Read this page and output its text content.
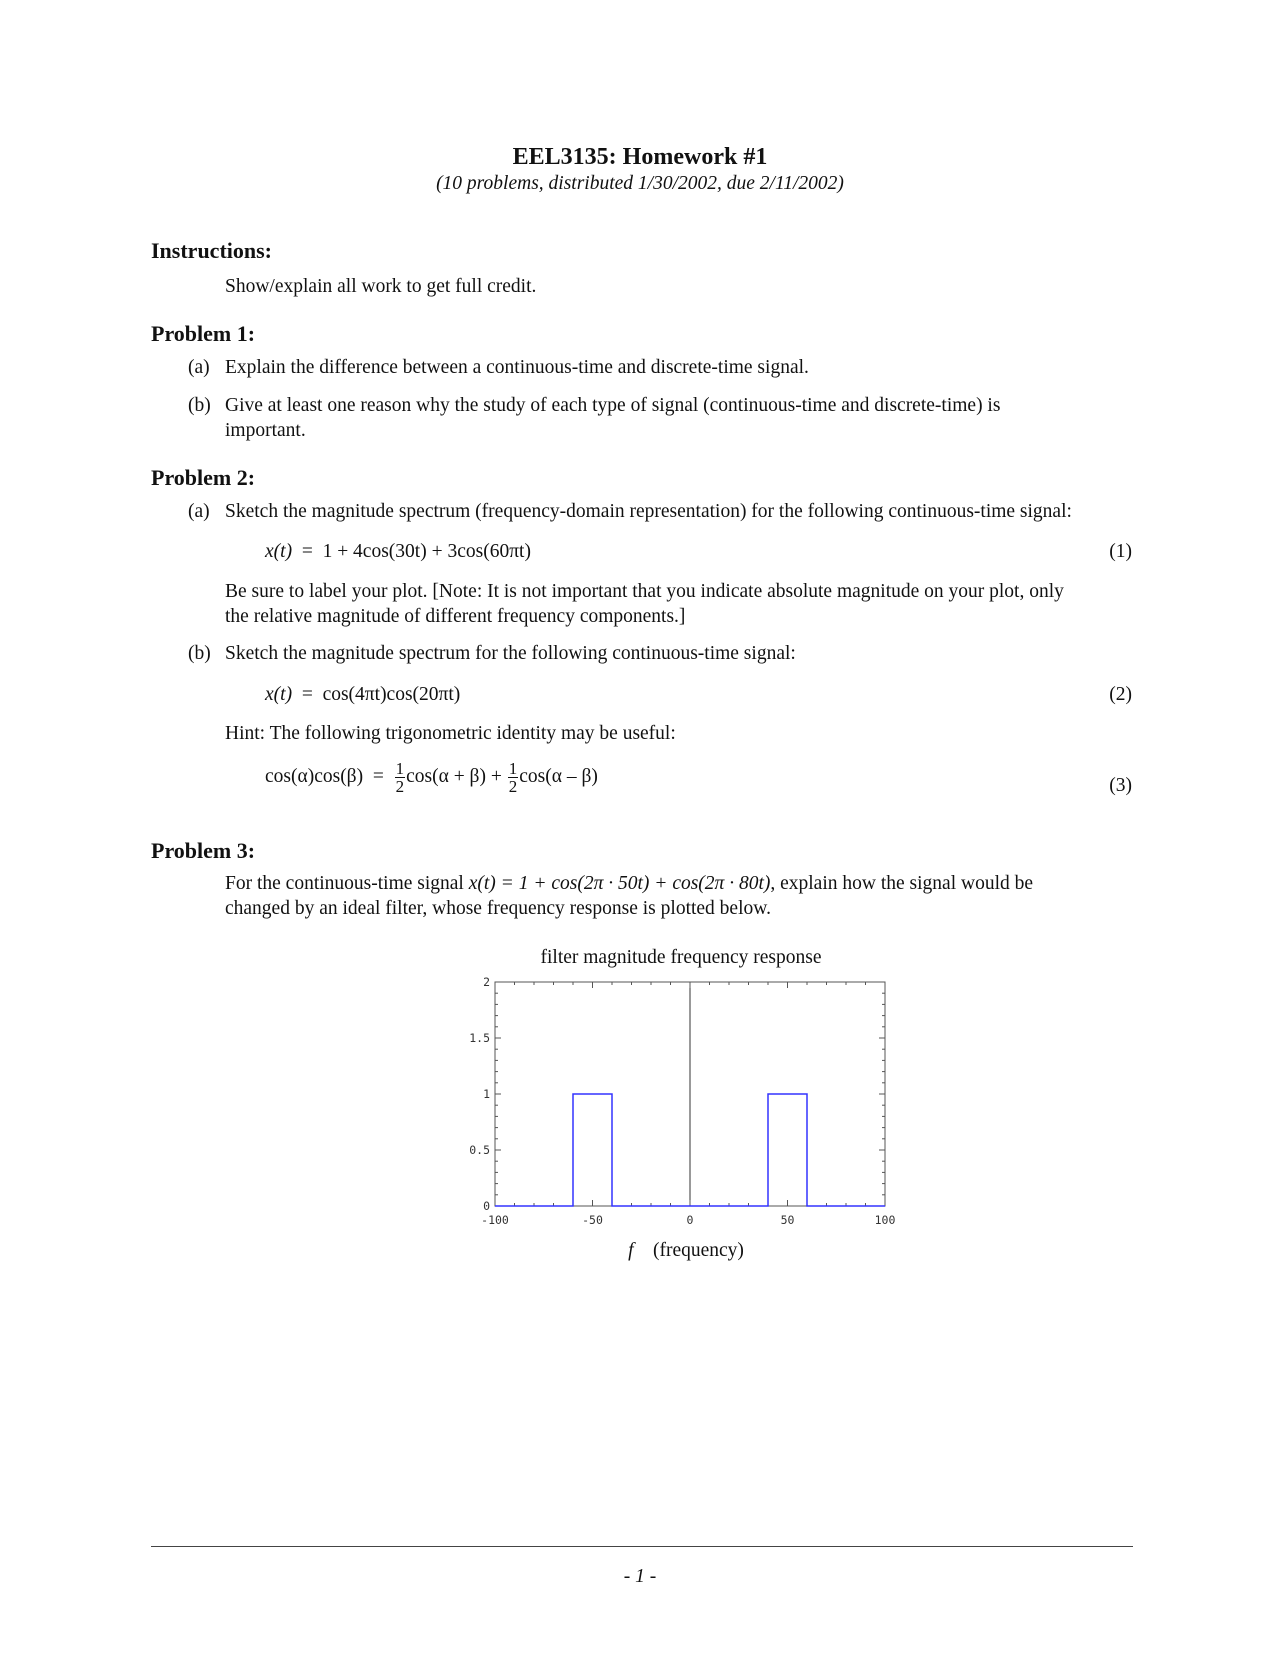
EEL3135: Homework #1
(10 problems, distributed 1/30/2002, due 2/11/2002)
Instructions:
Show/explain all work to get full credit.
Problem 1:
(a) Explain the difference between a continuous-time and discrete-time signal.
(b) Give at least one reason why the study of each type of signal (continuous-time and discrete-time) is
important.
Problem 2:
(a) Sketch the magnitude spectrum (frequency-domain representation) for the following continuous-time signal:
x(t)  =  1 + 4cos(30t) + 3cos(60πt)	(1)
Be sure to label your plot. [Note: It is not important that you indicate absolute magnitude on your plot, only
the relative magnitude of different frequency components.]
(b) Sketch the magnitude spectrum for the following continuous-time signal:
x(t)  =  cos(4πt)cos(20πt)	(2)
Hint: The following trigonometric identity may be useful:
$\cos(\alpha)\cos(\beta) = \frac{1}{2} \cos(\alpha + \beta) + \frac{1}{2} \cos(\alpha - \beta)$	(3)
Problem 3:
For the continuous-time signal x(t) = 1 + cos(2π · 50t) + cos(2π · 80t), explain how the signal would be
changed by an ideal filter, whose frequency response is plotted below.
filter magnitude frequency response
-100	-50	0	50	100
0
0.5
1
1.5
2
f (frequency)
- 1 -
